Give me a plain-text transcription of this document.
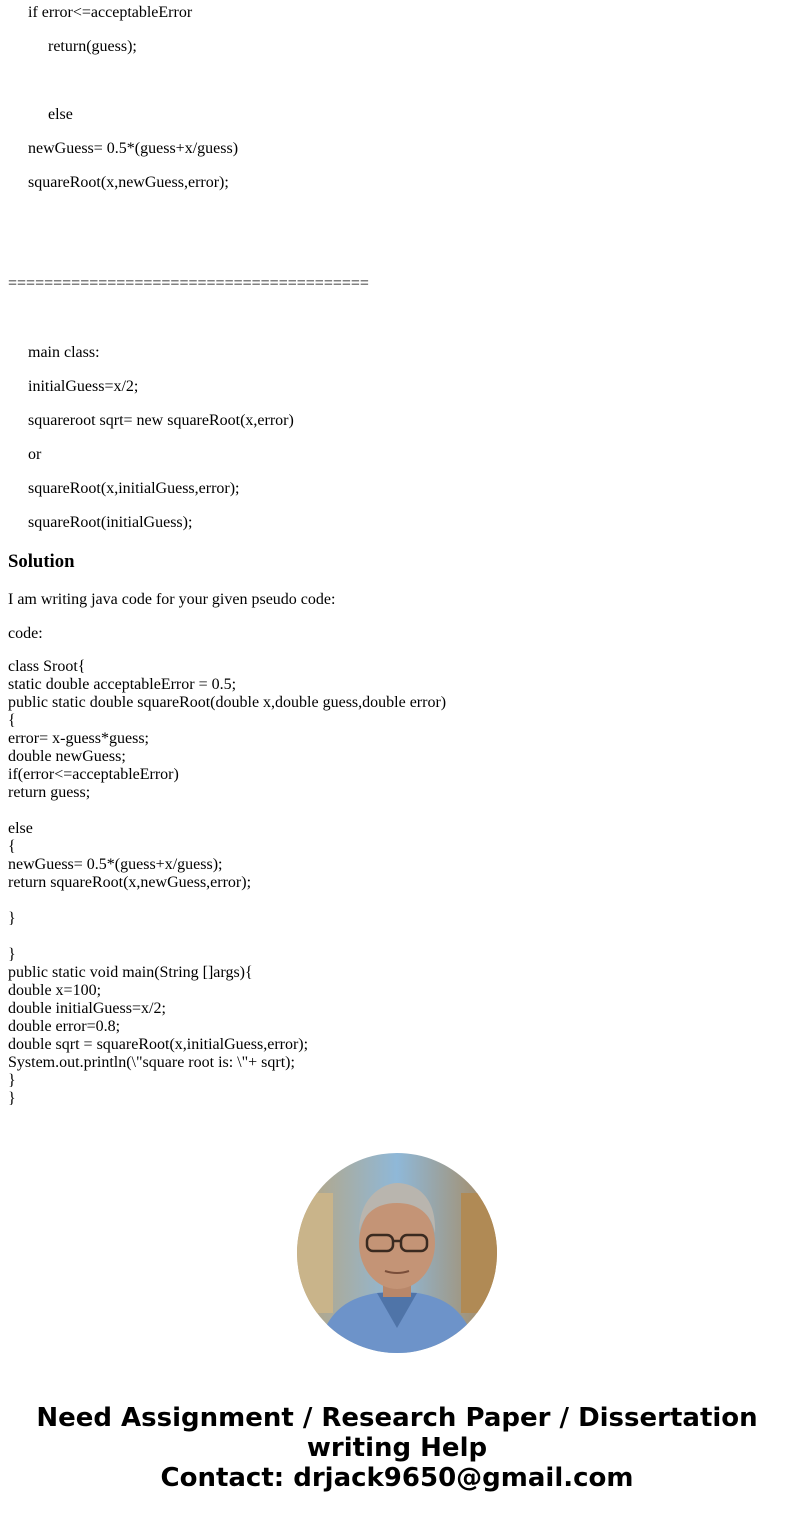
if error<=acceptableError

return(guess);

else

newGuess= 0.5*(guess+x/guess)

squareRoot(x,newGuess,error);

========================================

main class:

initialGuess=x/2;

squareroot sqrt= new squareRoot(x,error)

or

squareRoot(x,initialGuess,error);

squareRoot(initialGuess);

Solution

I am writing java code for your given pseudo code:

code:

class Sroot{
static double acceptableError = 0.5;
public static double squareRoot(double x,double guess,double error)
{
error= x-guess*guess;
double newGuess;
if(error<=acceptableError)
return guess;

else
{
newGuess= 0.5*(guess+x/guess);
return squareRoot(x,newGuess,error);

}

}
public static void main(String []args){
double x=100;
double initialGuess=x/2;
double error=0.8;
double sqrt = squareRoot(x,initialGuess,error);
System.out.println(\"square root is: \"+ sqrt);
}
}
Need Assignment / Research Paper / Dissertation
writing Help
Contact: drjack9650@gmail.com
